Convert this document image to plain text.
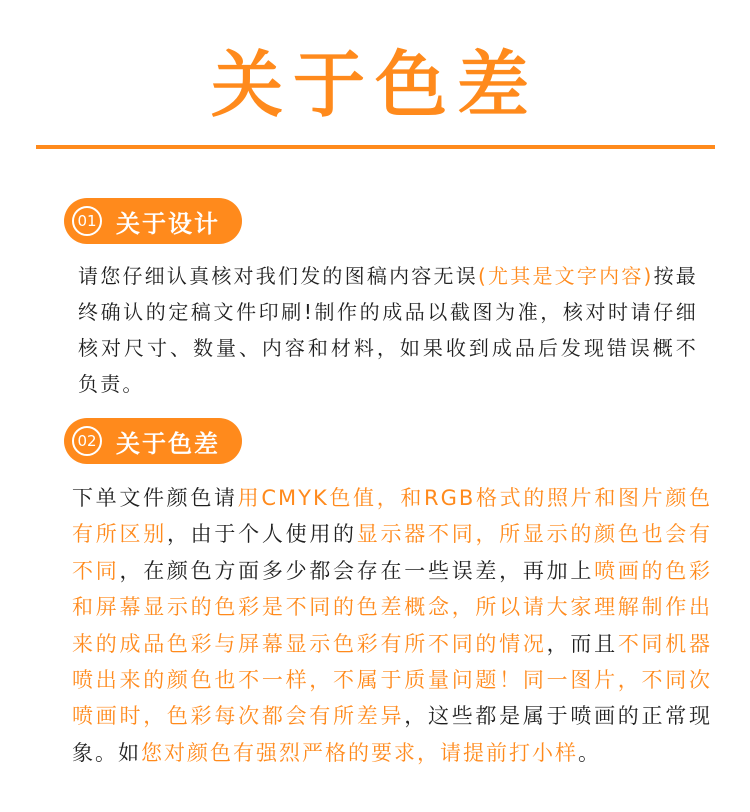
关于色差
01 关于设计

请您仔细认真核对我们发的图稿内容无误(尤其是文字内容)按最终确认的定稿文件印刷!制作的成品以截图为准，核对时请仔细核对尺寸、数量、内容和材料，如果收到成品后发现错误概不负责。

02 关于色差

下单文件颜色请用CMYK色值，和RGB格式的照片和图片颜色有所区别，由于个人使用的显示器不同，所显示的颜色也会有不同，在颜色方面多少都会存在一些误差，再加上喷画的色彩和屏幕显示的色彩是不同的色差概念，所以请大家理解制作出来的成品色彩与屏幕显示色彩有所不同的情况，而且不同机器喷出来的颜色也不一样，不属于质量问题！同一图片，不同次喷画时，色彩每次都会有所差异，这些都是属于喷画的正常现象。如您对颜色有强烈严格的要求，请提前打小样。
